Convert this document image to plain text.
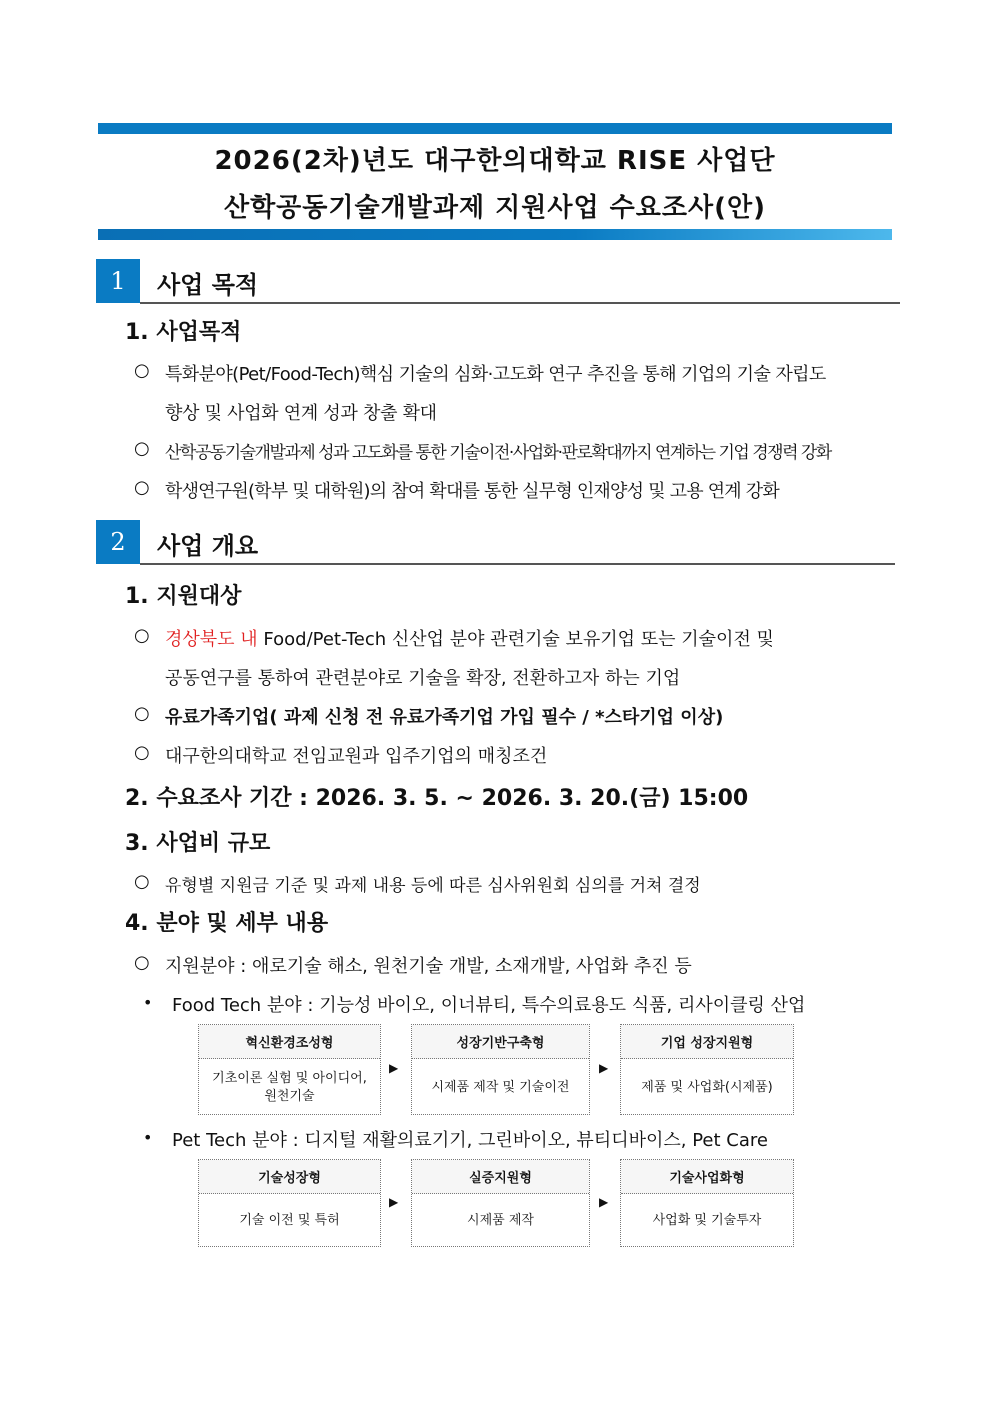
2026(2차)년도 대구한의대학교 RISE 사업단
산학공동기술개발과제 지원사업 수요조사(안)
1	사업 목적
1. 사업목적
○ 특화분야(Pet/Food-Tech)핵심 기술의 심화·고도화 연구 추진을 통해 기업의 기술 자립도
향상 및 사업화 연계 성과 창출 확대
○ 산학공동기술개발과제 성과 고도화를 통한 기술이전·사업화·판로확대까지 연계하는 기업 경쟁력 강화
○ 학생연구원(학부 및 대학원)의 참여 확대를 통한 실무형 인재양성 및 고용 연계 강화
2	사업 개요
1. 지원대상
○ 경상북도 내 Food/Pet-Tech 신산업 분야 관련기술 보유기업 또는 기술이전 및
공동연구를 통하여 관련분야로 기술을 확장, 전환하고자 하는 기업
○ 유료가족기업( 과제 신청 전 유료가족기업 가입 필수 / *스타기업 이상)
○ 대구한의대학교 전임교원과 입주기업의 매칭조건
2. 수요조사 기간 : 2026. 3. 5. ~ 2026. 3. 20.(금) 15:00
3. 사업비 규모
○ 유형별 지원금 기준 및 과제 내용 등에 따른 심사위원회 심의를 거쳐 결정
4. 분야 및 세부 내용
○ 지원분야 : 애로기술 해소, 원천기술 개발, 소재개발, 사업화 추진 등
• Food Tech 분야 : 기능성 바이오, 이너뷰티, 특수의료용도 식품, 리사이클링 산업
혁신환경조성형
기초이론 실험 및 아이디어, 원천기술
▶
성장기반구축형
시제품 제작 및 기술이전
▶
기업 성장지원형
제품 및 사업화(시제품)
• Pet Tech 분야 : 디지털 재활의료기기, 그린바이오, 뷰티디바이스, Pet Care
기술성장형
기술 이전 및 특허
▶
실증지원형
시제품 제작
▶
기술사업화형
사업화 및 기술투자
